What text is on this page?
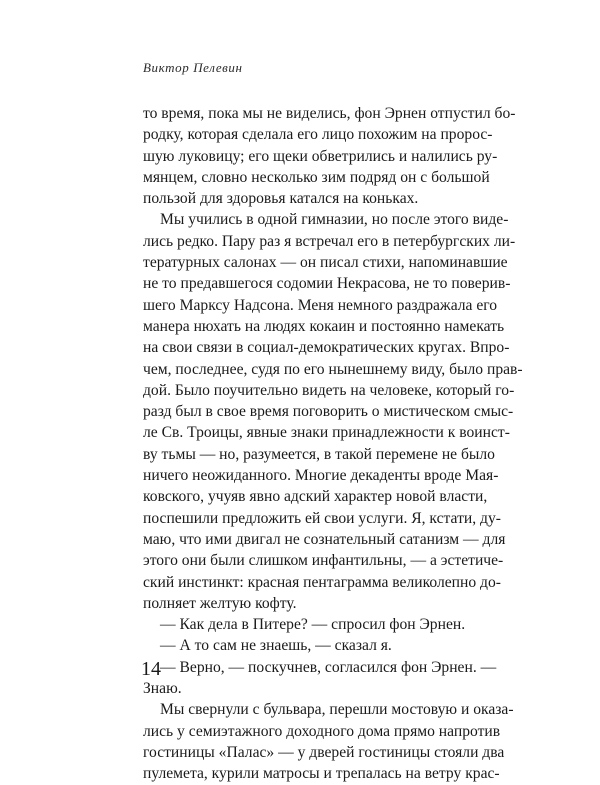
Виктор Пелевин
то время, пока мы не виделись, фон Эрнен отпустил бо-
родку, которая сделала его лицо похожим на пророс-
шую луковицу; его щеки обветрились и налились ру-
мянцем, словно несколько зим подряд он с большой
пользой для здоровья катался на коньках.
Мы учились в одной гимназии, но после этого виде-
лись редко. Пару раз я встречал его в петербургских ли-
тературных салонах — он писал стихи, напоминавшие
не то предавшегося содомии Некрасова, не то поверив-
шего Марксу Надсона. Меня немного раздражала его
манера нюхать на людях кокаин и постоянно намекать
на свои связи в социал-демократических кругах. Впро-
чем, последнее, судя по его нынешнему виду, было прав-
дой. Было поучительно видеть на человеке, который го-
разд был в свое время поговорить о мистическом смыс-
ле Св. Троицы, явные знаки принадлежности к воинст-
ву тьмы — но, разумеется, в такой перемене не было
ничего неожиданного. Многие декаденты вроде Мая-
ковского, учуяв явно адский характер новой власти,
поспешили предложить ей свои услуги. Я, кстати, ду-
маю, что ими двигал не сознательный сатанизм — для
этого они были слишком инфантильны, — а эстетиче-
ский инстинкт: красная пентаграмма великолепно до-
полняет желтую кофту.
— Как дела в Питере? — спросил фон Эрнен.
— А то сам не знаешь, — сказал я.
— Верно, — поскучнев, согласился фон Эрнен. —
Знаю.
Мы свернули с бульвара, перешли мостовую и оказа-
лись у семиэтажного доходного дома прямо напротив
гостиницы «Палас» — у дверей гостиницы стояли два
пулемета, курили матросы и трепалась на ветру крас-
14
